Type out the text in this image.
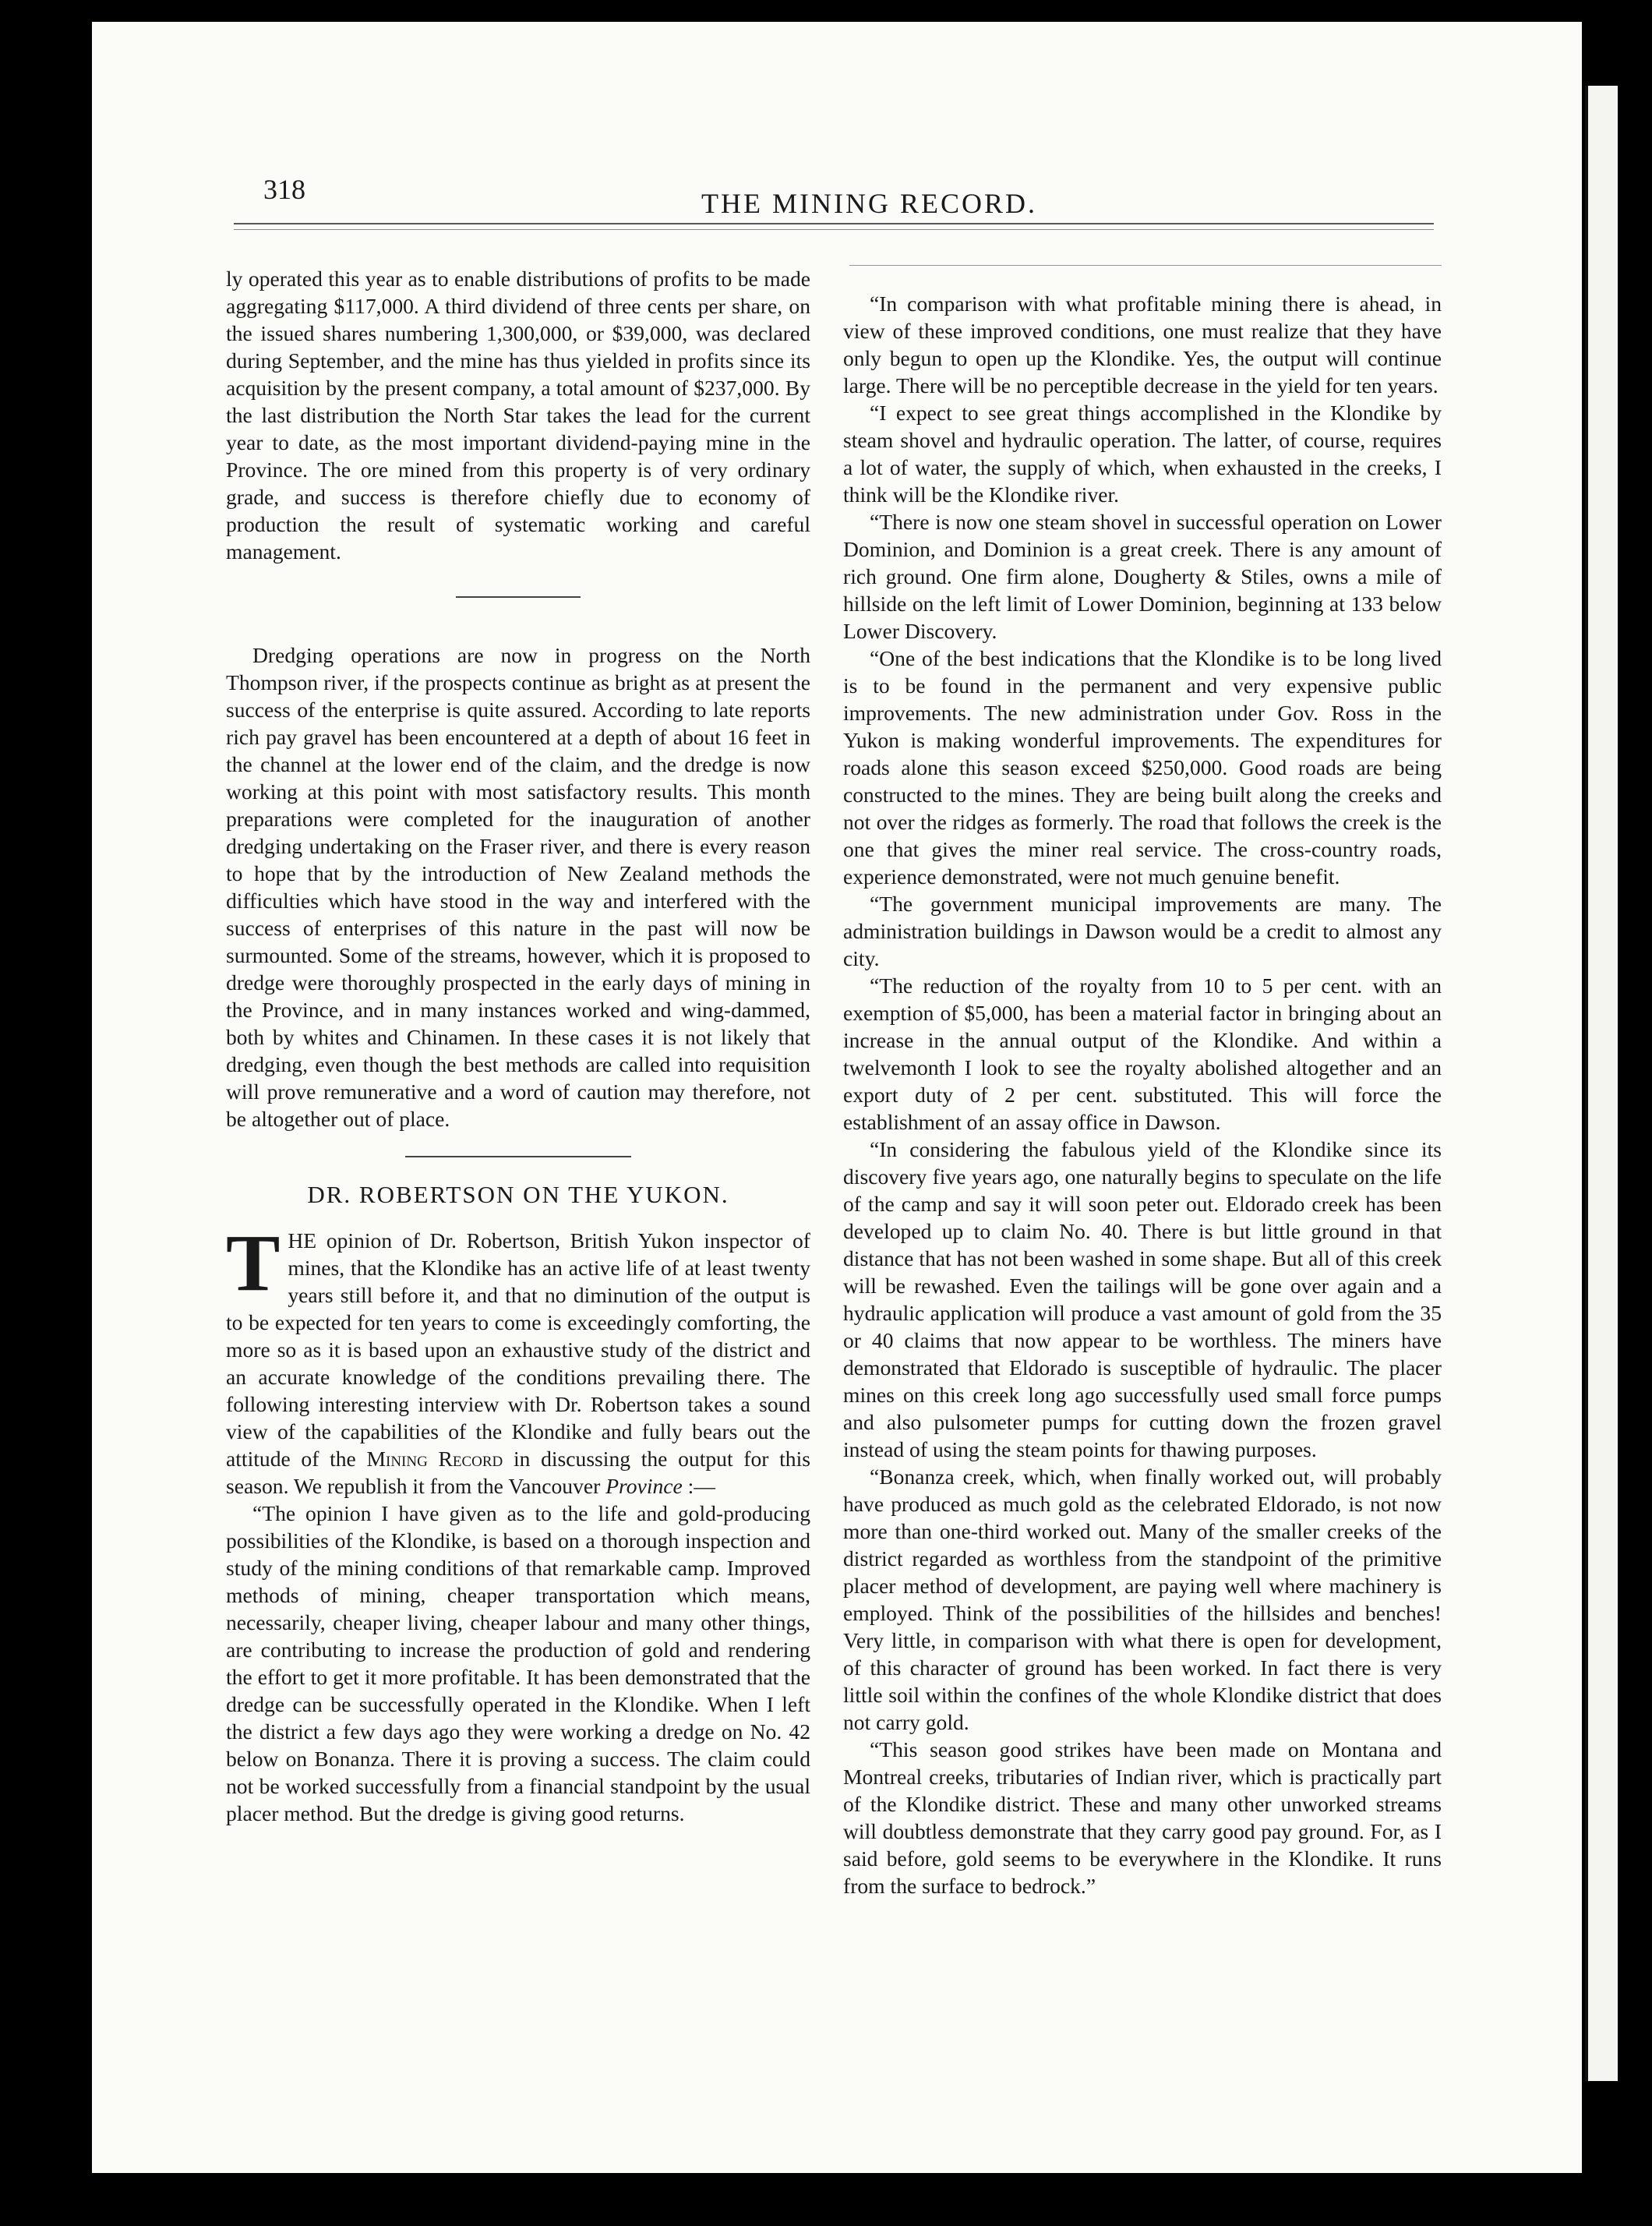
318	THE MINING RECORD.

ly operated this year as to enable distributions of profits to be made aggregating $117,000. A third dividend of three cents per share, on the issued shares numbering 1,300,000, or $39,000, was declared during September, and the mine has thus yielded in profits since its acquisition by the present company, a total amount of $237,000. By the last distribution the North Star takes the lead for the current year to date, as the most important dividend-paying mine in the Province. The ore mined from this property is of very ordinary grade, and success is therefore chiefly due to economy of production the result of systematic working and careful management.

Dredging operations are now in progress on the North Thompson river, if the prospects continue as bright as at present the success of the enterprise is quite assured. According to late reports rich pay gravel has been encountered at a depth of about 16 feet in the channel at the lower end of the claim, and the dredge is now working at this point with most satisfactory results. This month preparations were completed for the inauguration of another dredging undertaking on the Fraser river, and there is every reason to hope that by the introduction of New Zealand methods the difficulties which have stood in the way and interfered with the success of enterprises of this nature in the past will now be surmounted. Some of the streams, however, which it is proposed to dredge were thoroughly prospected in the early days of mining in the Province, and in many instances worked and wing-dammed, both by whites and Chinamen. In these cases it is not likely that dredging, even though the best methods are called into requisition will prove remunerative and a word of caution may therefore, not be altogether out of place.

DR. ROBERTSON ON THE YUKON.

THE opinion of Dr. Robertson, British Yukon inspector of mines, that the Klondike has an active life of at least twenty years still before it, and that no diminution of the output is to be expected for ten years to come is exceedingly comforting, the more so as it is based upon an exhaustive study of the district and an accurate knowledge of the conditions prevailing there. The following interesting interview with Dr. Robertson takes a sound view of the capabilities of the Klondike and fully bears out the attitude of the Mining Record in discussing the output for this season. We republish it from the Vancouver Province :—

“The opinion I have given as to the life and gold-producing possibilities of the Klondike, is based on a thorough inspection and study of the mining conditions of that remarkable camp. Improved methods of mining, cheaper transportation which means, necessarily, cheaper living, cheaper labour and many other things, are contributing to increase the production of gold and rendering the effort to get it more profitable. It has been demonstrated that the dredge can be successfully operated in the Klondike. When I left the district a few days ago they were working a dredge on No. 42 below on Bonanza. There it is proving a success. The claim could not be worked successfully from a financial standpoint by the usual placer method. But the dredge is giving good returns.

“In comparison with what profitable mining there is ahead, in view of these improved conditions, one must realize that they have only begun to open up the Klondike. Yes, the output will continue large. There will be no perceptible decrease in the yield for ten years.

“I expect to see great things accomplished in the Klondike by steam shovel and hydraulic operation. The latter, of course, requires a lot of water, the supply of which, when exhausted in the creeks, I think will be the Klondike river.

“There is now one steam shovel in successful operation on Lower Dominion, and Dominion is a great creek. There is any amount of rich ground. One firm alone, Dougherty & Stiles, owns a mile of hillside on the left limit of Lower Dominion, beginning at 133 below Lower Discovery.

“One of the best indications that the Klondike is to be long lived is to be found in the permanent and very expensive public improvements. The new administration under Gov. Ross in the Yukon is making wonderful improvements. The expenditures for roads alone this season exceed $250,000. Good roads are being constructed to the mines. They are being built along the creeks and not over the ridges as formerly. The road that follows the creek is the one that gives the miner real service. The cross-country roads, experience demonstrated, were not much genuine benefit.

“The government municipal improvements are many. The administration buildings in Dawson would be a credit to almost any city.

“The reduction of the royalty from 10 to 5 per cent. with an exemption of $5,000, has been a material factor in bringing about an increase in the annual output of the Klondike. And within a twelvemonth I look to see the royalty abolished altogether and an export duty of 2 per cent. substituted. This will force the establishment of an assay office in Dawson.

“In considering the fabulous yield of the Klondike since its discovery five years ago, one naturally begins to speculate on the life of the camp and say it will soon peter out. Eldorado creek has been developed up to claim No. 40. There is but little ground in that distance that has not been washed in some shape. But all of this creek will be rewashed. Even the tailings will be gone over again and a hydraulic application will produce a vast amount of gold from the 35 or 40 claims that now appear to be worthless. The miners have demonstrated that Eldorado is susceptible of hydraulic. The placer mines on this creek long ago successfully used small force pumps and also pulsometer pumps for cutting down the frozen gravel instead of using the steam points for thawing purposes.

“Bonanza creek, which, when finally worked out, will probably have produced as much gold as the celebrated Eldorado, is not now more than one-third worked out. Many of the smaller creeks of the district regarded as worthless from the standpoint of the primitive placer method of development, are paying well where machinery is employed. Think of the possibilities of the hillsides and benches! Very little, in comparison with what there is open for development, of this character of ground has been worked. In fact there is very little soil within the confines of the whole Klondike district that does not carry gold.

“This season good strikes have been made on Montana and Montreal creeks, tributaries of Indian river, which is practically part of the Klondike district. These and many other unworked streams will doubtless demonstrate that they carry good pay ground. For, as I said before, gold seems to be everywhere in the Klondike. It runs from the surface to bedrock.”
